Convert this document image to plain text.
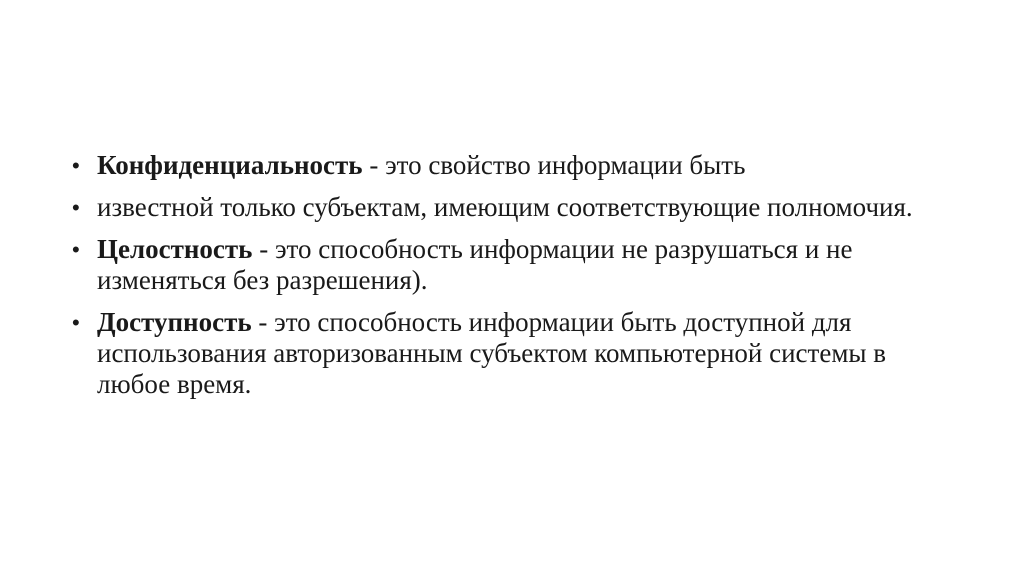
• Конфиденциальность - это свойство информации быть
• известной только субъектам, имеющим соответствующие полномочия.
• Целостность - это способность информации не разрушаться и не изменяться без разрешения).
• Доступность - это способность информации быть доступной для использования авторизованным субъектом компьютерной системы в любое время.
